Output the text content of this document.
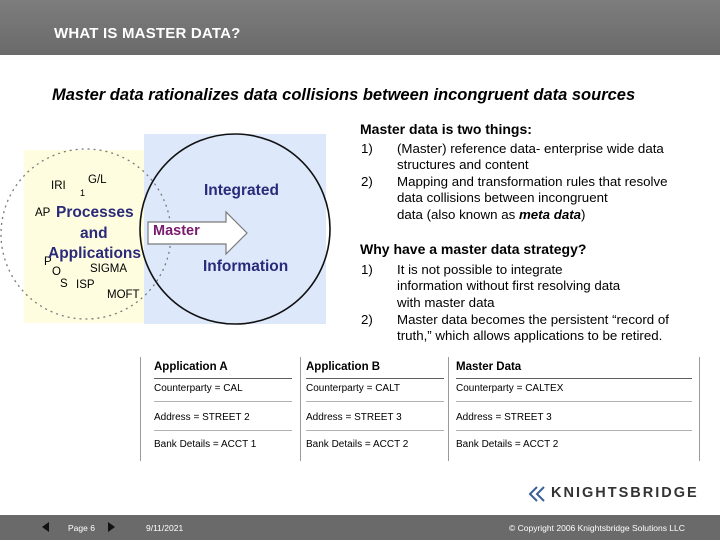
WHAT IS MASTER DATA?
Master data rationalizes data collisions between incongruent data sources
IRI G/L
1
AP
P
O
S ISP
SIGMA
MOFT
Processes
and
Applications
Integrated
Information
Master
Master data is two things:
1) (Master) reference data- enterprise wide data
structures and content
2) Mapping and transformation rules that resolve
data collisions between incongruent
data (also known as meta data)
Why have a master data strategy?
1) It is not possible to integrate
information without first resolving data
with master data
2) Master data becomes the persistent “record of
truth,” which allows applications to be retired.
Application A
Counterparty = CAL
Address = STREET 2
Bank Details = ACCT 1
Application B
Counterparty = CALT
Address = STREET 3
Bank Details = ACCT 2
Master Data
Counterparty = CALTEX
Address = STREET 3
Bank Details = ACCT 2
KNIGHTSBRIDGE
Page 6	9/11/2021	© Copyright 2006 Knightsbridge Solutions LLC
